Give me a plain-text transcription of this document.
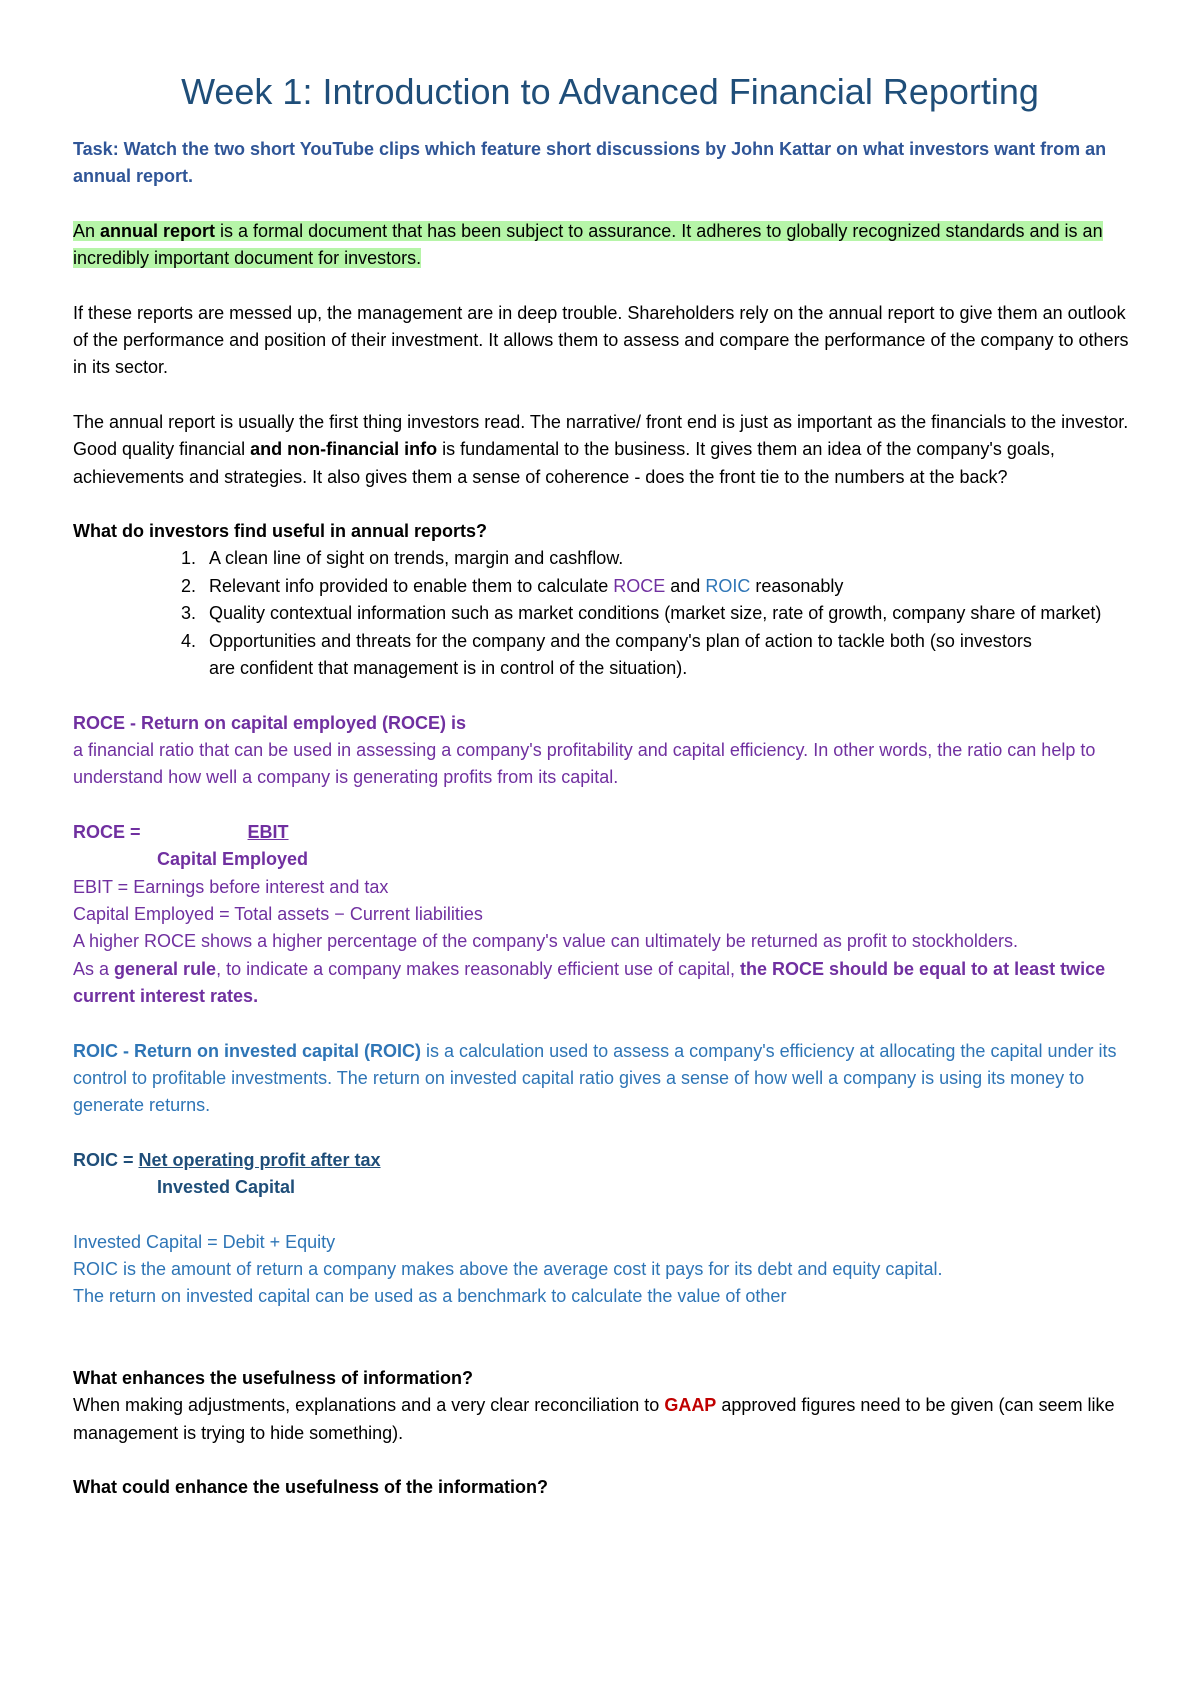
Week 1: Introduction to Advanced Financial Reporting

Task: Watch the two short YouTube clips which feature short discussions by John Kattar on what investors want from an annual report.

An annual report is a formal document that has been subject to assurance. It adheres to globally recognized standards and is an incredibly important document for investors.

If these reports are messed up, the management are in deep trouble. Shareholders rely on the annual report to give them an outlook of the performance and position of their investment. It allows them to assess and compare the performance of the company to others in its sector.

The annual report is usually the first thing investors read. The narrative/ front end is just as important as the financials to the investor. Good quality financial and non-financial info is fundamental to the business. It gives them an idea of the company's goals, achievements and strategies. It also gives them a sense of coherence - does the front tie to the numbers at the back?

What do investors find useful in annual reports?

1. A clean line of sight on trends, margin and cashflow.
2. Relevant info provided to enable them to calculate ROCE and ROIC reasonably
3. Quality contextual information such as market conditions (market size, rate of growth, company share of market)
4. Opportunities and threats for the company and the company's plan of action to tackle both (so investors
are confident that management is in control of the situation).

ROCE - Return on capital employed (ROCE) is

a financial ratio that can be used in assessing a company's profitability and capital efficiency. In other words, the ratio can help to understand how well a company is generating profits from its capital.

ROCE =	EBIT

Capital Employed

EBIT = Earnings before interest and tax

Capital Employed = Total assets − Current liabilities

A higher ROCE shows a higher percentage of the company's value can ultimately be returned as profit to stockholders.

As a general rule, to indicate a company makes reasonably efficient use of capital, the ROCE should be equal to at least twice current interest rates.

ROIC - Return on invested capital (ROIC) is a calculation used to assess a company's efficiency at allocating the capital under its control to profitable investments. The return on invested capital ratio gives a sense of how well a company is using its money to generate returns.

ROIC = Net operating profit after tax

Invested Capital

Invested Capital = Debit + Equity

ROIC is the amount of return a company makes above the average cost it pays for its debt and equity capital.

The return on invested capital can be used as a benchmark to calculate the value of other

What enhances the usefulness of information?

When making adjustments, explanations and a very clear reconciliation to GAAP approved figures need to be given (can seem like management is trying to hide something).

What could enhance the usefulness of the information?
